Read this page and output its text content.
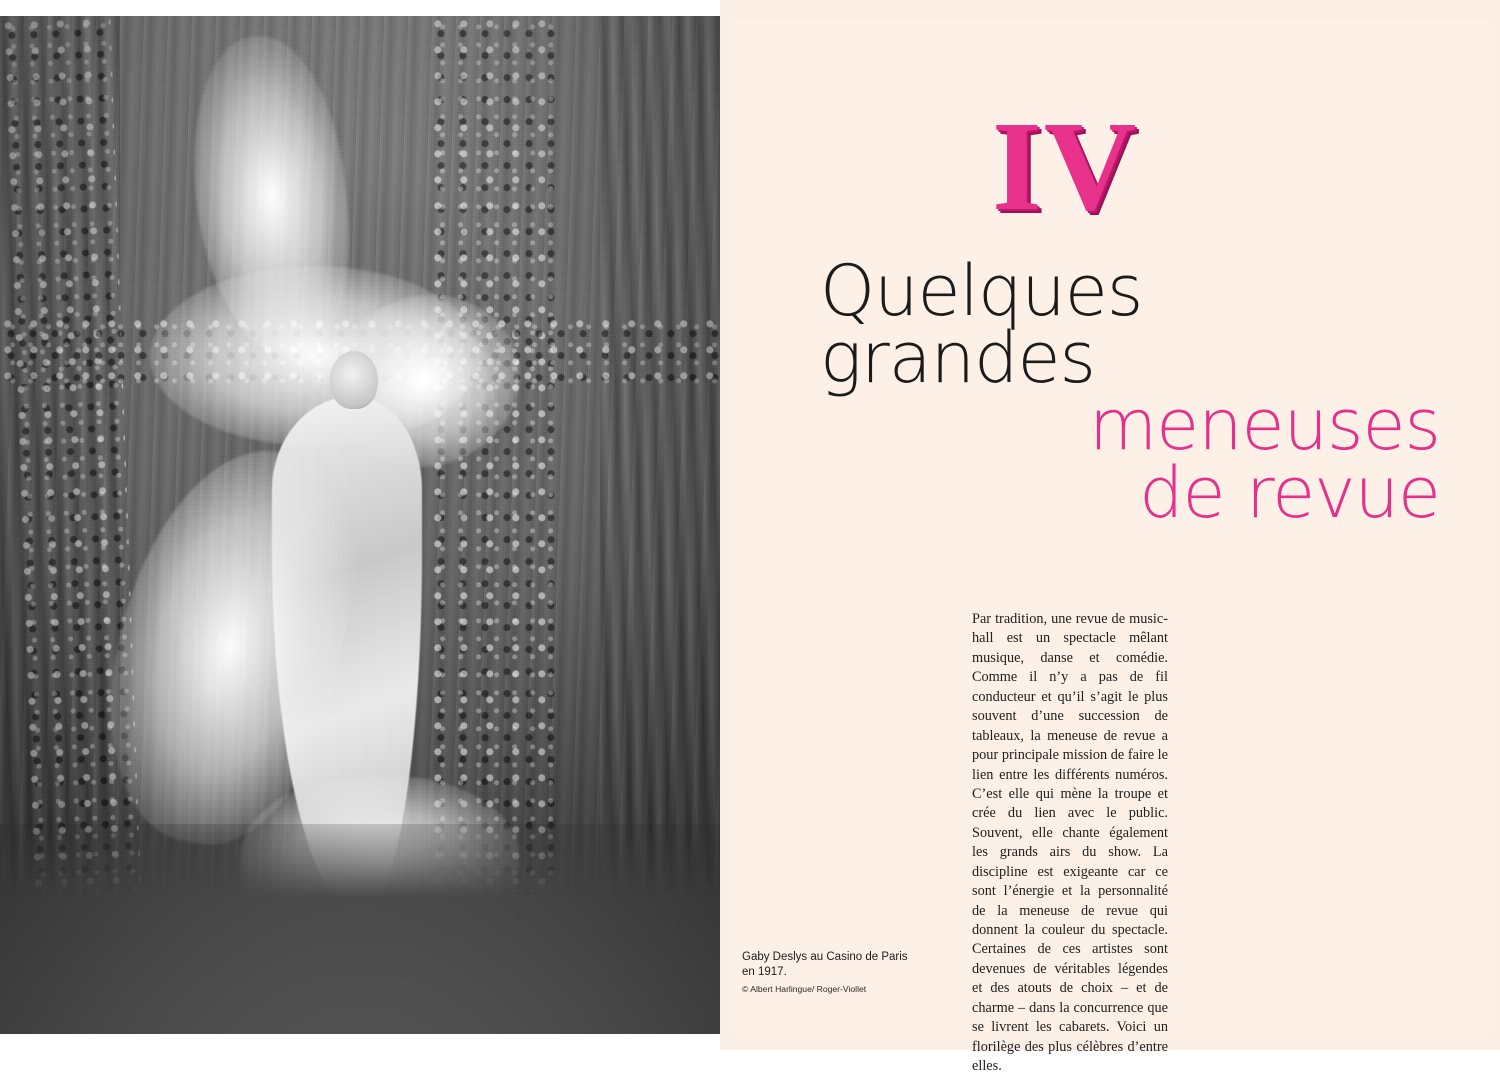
IV
Quelques
grandes
meneuses
de revue
Par tradition, une revue de music-hall est un spectacle mêlant musique, danse et comédie. Comme il n’y a pas de fil conducteur et qu’il s’agit le plus souvent d’une succession de tableaux, la meneuse de revue a pour principale mission de faire le lien entre les différents numéros. C’est elle qui mène la troupe et crée du lien avec le public. Souvent, elle chante également les grands airs du show. La discipline est exigeante car ce sont l’énergie et la personnalité de la meneuse de revue qui donnent la couleur du spectacle. Certaines de ces artistes sont devenues de véritables légendes et des atouts de choix – et de charme – dans la concurrence que se livrent les cabarets. Voici un florilège des plus célèbres d’entre elles.
Gaby Deslys au Casino de Paris en 1917.
© Albert Harlingue/ Roger-Viollet
